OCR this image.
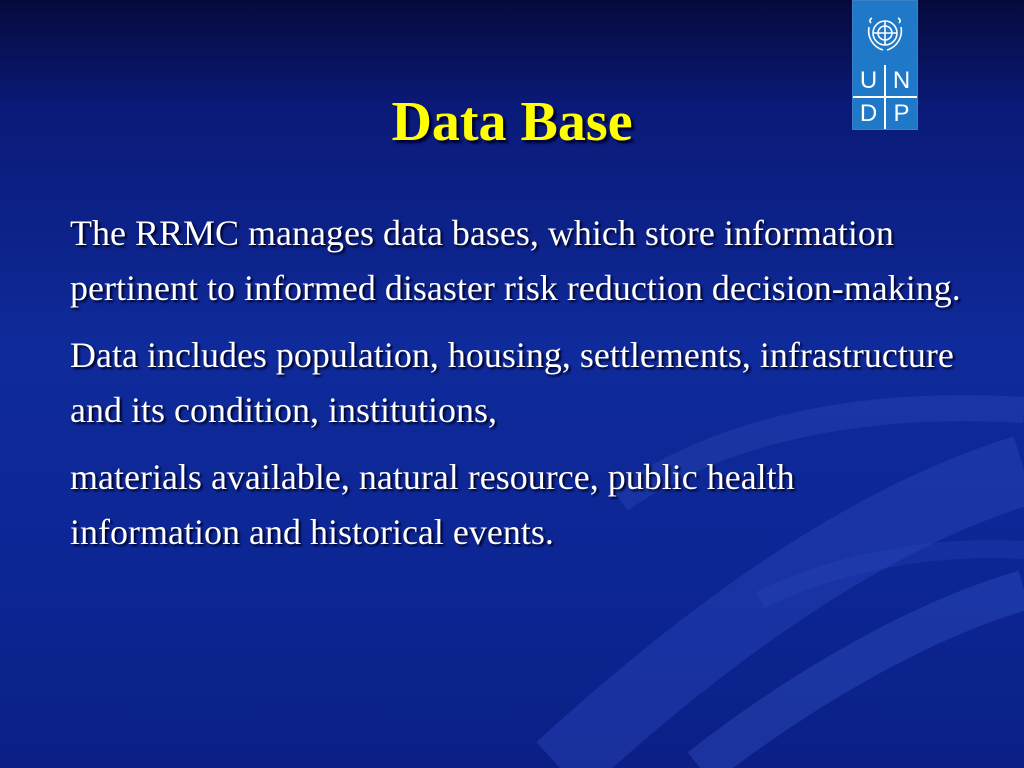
U N
D P
Data Base

The RRMC manages data bases, which store information pertinent to informed disaster risk reduction decision-making.

Data includes population, housing, settlements, infrastructure and its condition, institutions,

materials available, natural resource, public health information and historical events.
